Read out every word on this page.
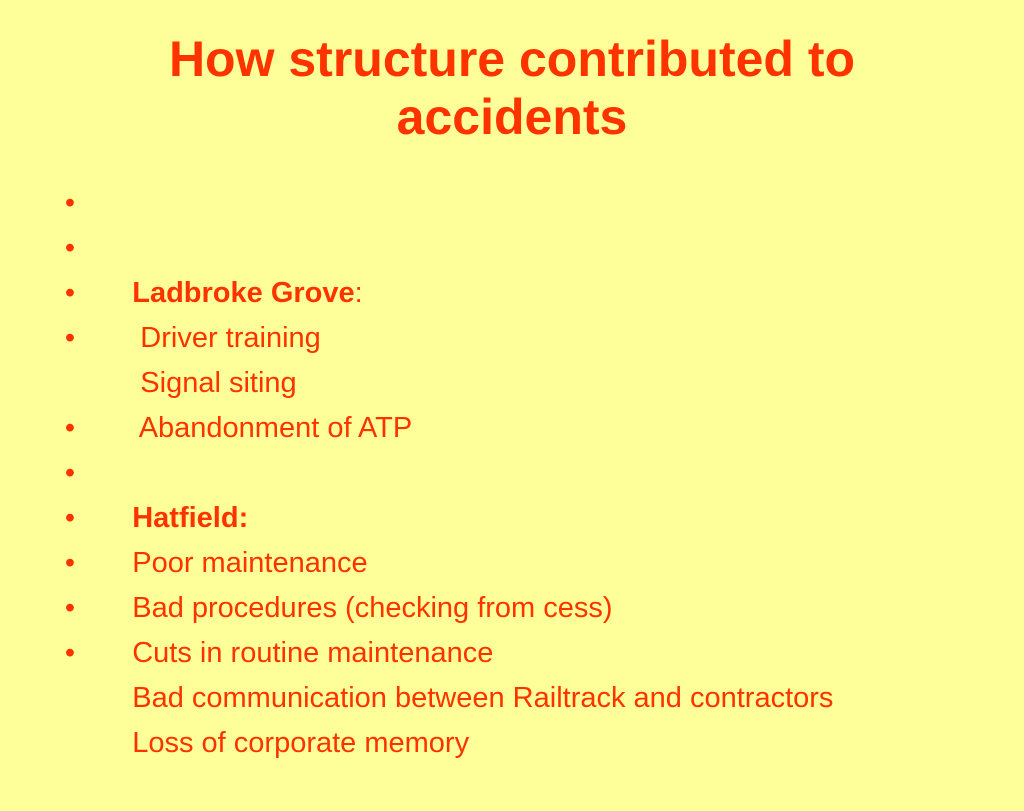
How structure contributed to
accidents

•

Ladbroke Grove:

•

Driver training

•

Signal siting

•

Abandonment of ATP

•

Hatfield:

•

Poor maintenance

•

Bad procedures (checking from cess)

•

Cuts in routine maintenance

•

Bad communication between Railtrack and contractors

•

Loss of corporate memory
